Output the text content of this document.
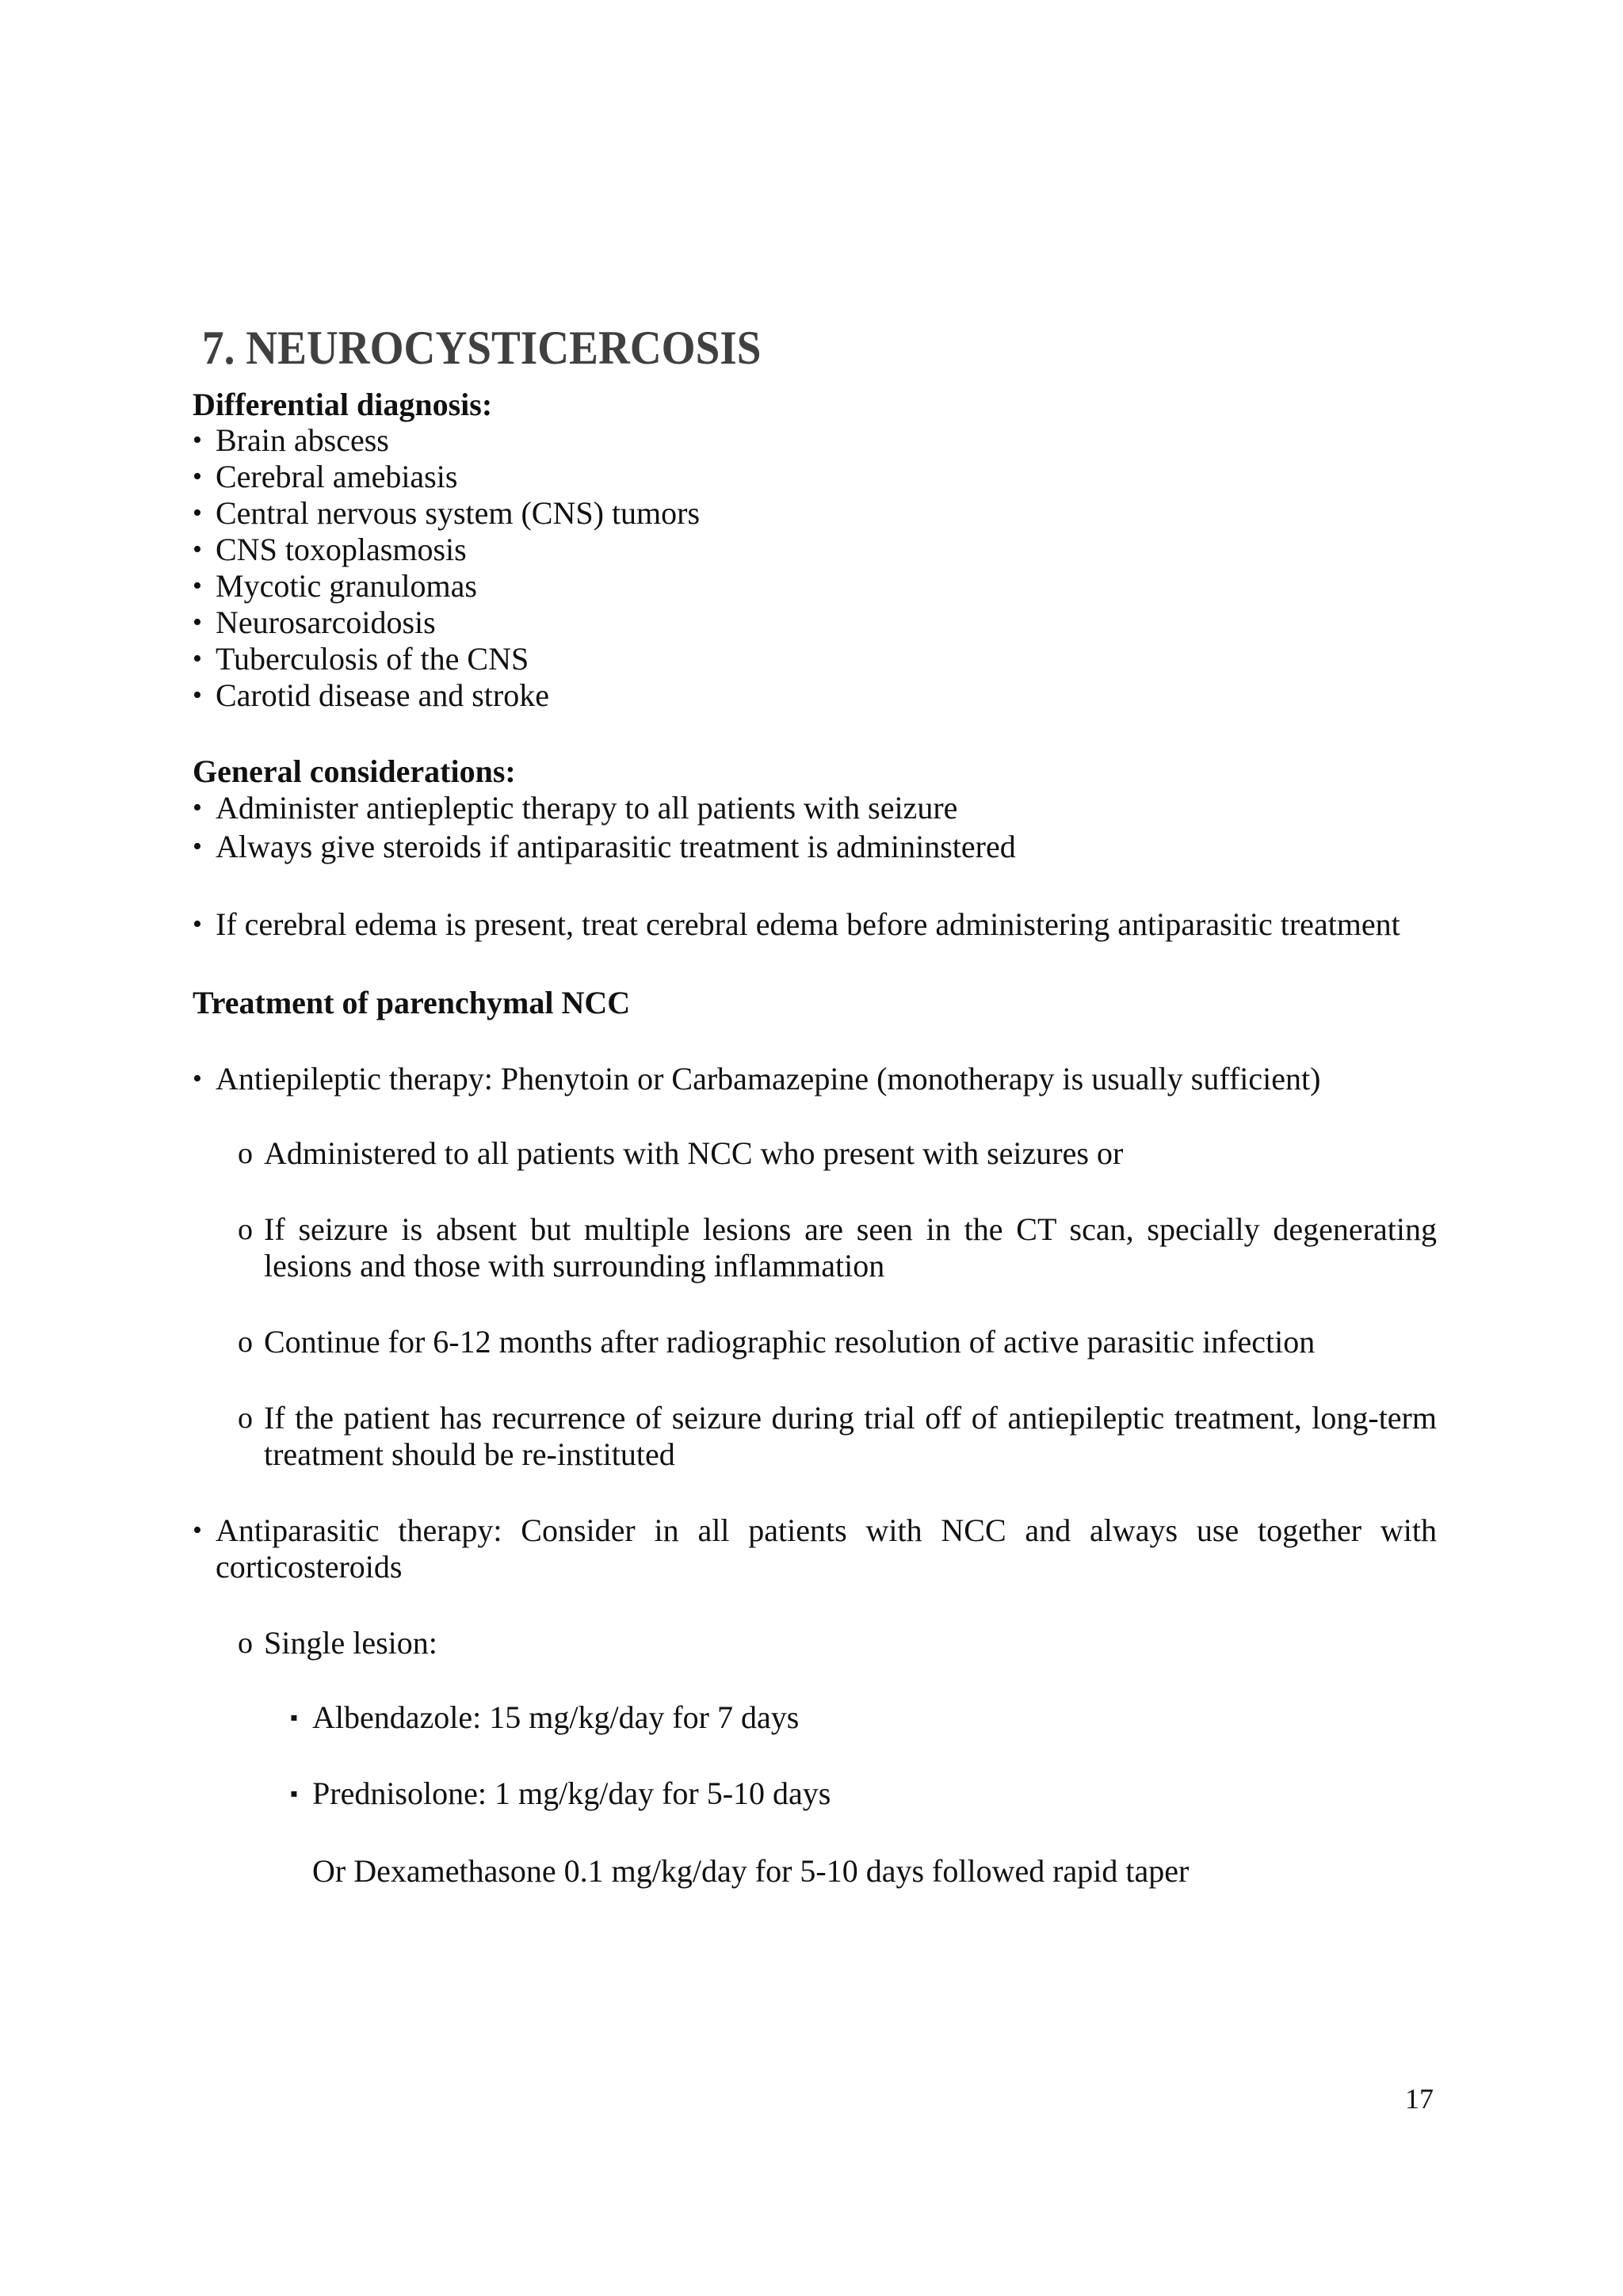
7. NEUROCYSTICERCOSIS
Differential diagnosis:
• Brain abscess
• Cerebral amebiasis
• Central nervous system (CNS) tumors
• CNS toxoplasmosis
• Mycotic granulomas
• Neurosarcoidosis
• Tuberculosis of the CNS
• Carotid disease and stroke
General considerations:
• Administer antiepleptic therapy to all patients with seizure
• Always give steroids if antiparasitic treatment is admininstered
• If cerebral edema is present, treat cerebral edema before administering antiparasitic treatment
Treatment of parenchymal NCC
• Antiepileptic therapy: Phenytoin or Carbamazepine (monotherapy is usually sufficient)
o Administered to all patients with NCC who present with seizures or
o If seizure is absent but multiple lesions are seen in the CT scan, specially degenerating
lesions and those with surrounding inflammation
o Continue for 6-12 months after radiographic resolution of active parasitic infection
o If the patient has recurrence of seizure during trial off of antiepileptic treatment, long-term
treatment should be re-instituted
• Antiparasitic therapy: Consider in all patients with NCC and always use together with
corticosteroids
o Single lesion:
▪ Albendazole: 15 mg/kg/day for 7 days
▪ Prednisolone: 1 mg/kg/day for 5-10 days
Or Dexamethasone 0.1 mg/kg/day for 5-10 days followed rapid taper
17
